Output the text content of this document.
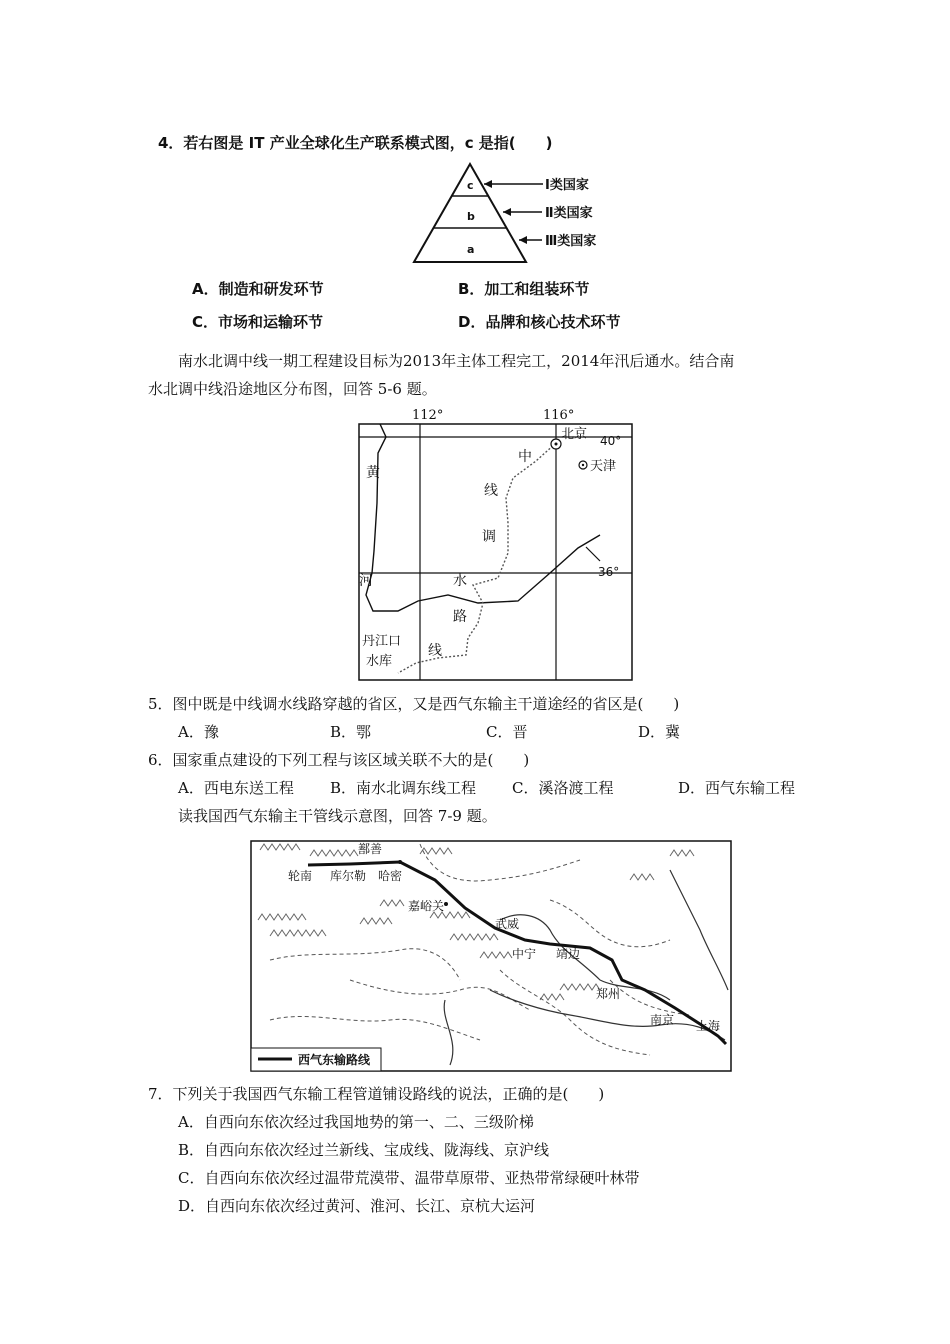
4．若右图是 IT 产业全球化生产联系模式图，c 是指(　　)
c
b
a
Ⅰ类国家
Ⅱ类国家
Ⅲ类国家
A．制造和研发环节	B．加工和组装环节
C．市场和运输环节	D．品牌和核心技术环节
南水北调中线一期工程建设目标为2013年主体工程完工，2014年汛后通水。结合南
水北调中线沿途地区分布图，回答 5-6 题。
112°	116°
北京
天津
40°
36°
黄
河
中
线
调
水
路
线
丹江口
水库
5．图中既是中线调水线路穿越的省区，又是西气东输主干道途经的省区是(　　)
A．豫	B．鄂	C．晋	D．冀
6．国家重点建设的下列工程与该区域关联不大的是(　　)
A．西电东送工程 B．南水北调东线工程 C．溪洛渡工程	D．西气东输工程
读我国西气东输主干管线示意图，回答 7-9 题。
鄯善
轮南 库尔勒 哈密
嘉峪关
武威
中宁 靖边
郑州
南京 上海
西气东输路线
7．下列关于我国西气东输工程管道铺设路线的说法，正确的是(　　)
A．自西向东依次经过我国地势的第一、二、三级阶梯
B．自西向东依次经过兰新线、宝成线、陇海线、京沪线
C．自西向东依次经过温带荒漠带、温带草原带、亚热带常绿硬叶林带
D．自西向东依次经过黄河、淮河、长江、京杭大运河
